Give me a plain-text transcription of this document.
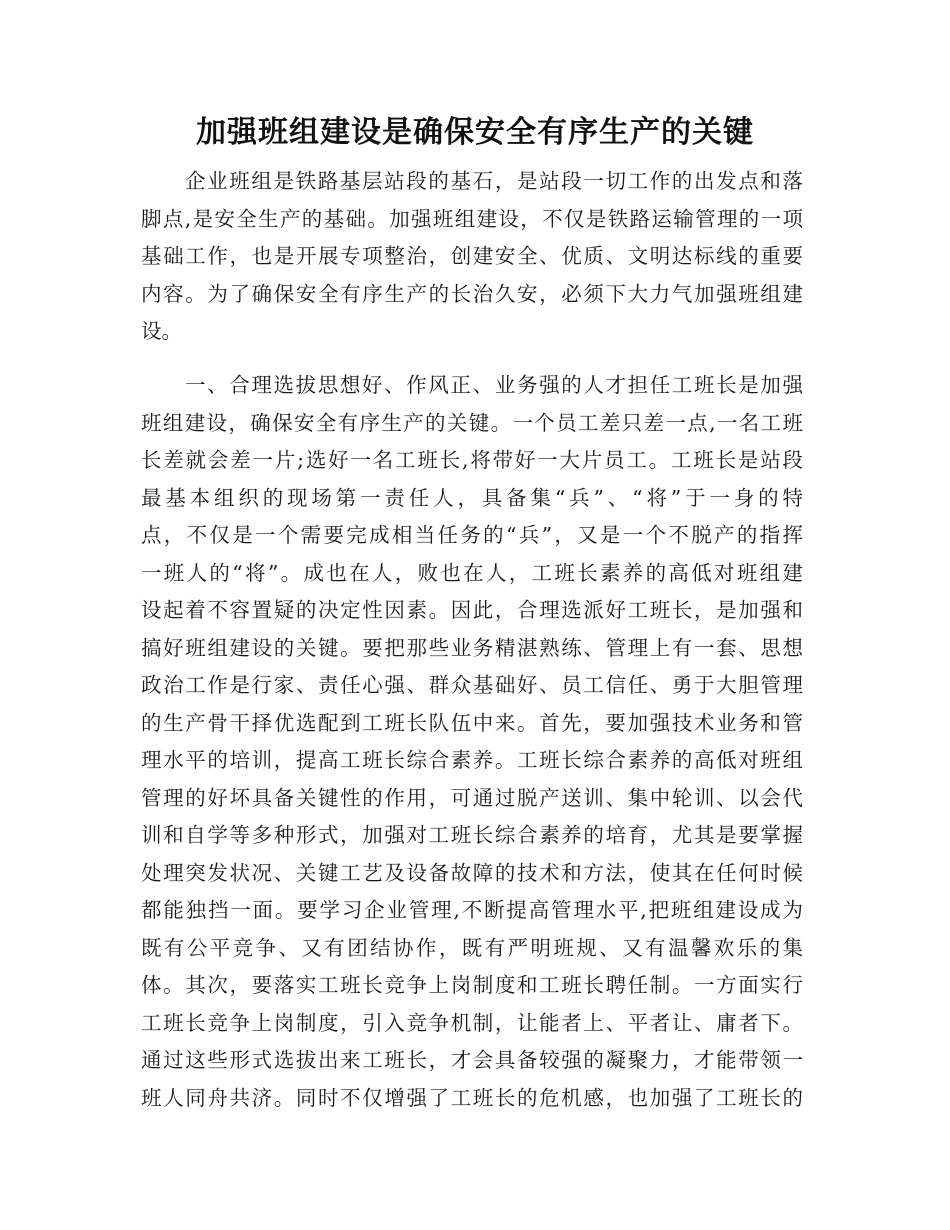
加强班组建设是确保安全有序生产的关键
企业班组是铁路基层站段的基石，是站段一切工作的出发点和落
脚点,是安全生产的基础。加强班组建设，不仅是铁路运输管理的一项
基础工作，也是开展专项整治，创建安全、优质、文明达标线的重要
内容。为了确保安全有序生产的长治久安，必须下大力气加强班组建
设。
一、合理选拔思想好、作风正、业务强的人才担任工班长是加强
班组建设，确保安全有序生产的关键。一个员工差只差一点,一名工班
长差就会差一片;选好一名工班长,将带好一大片员工。工班长是站段
最基本组织的现场第一责任人，具备集“兵”、“将”于一身的特
点，不仅是一个需要完成相当任务的“兵”，又是一个不脱产的指挥
一班人的“将”。成也在人，败也在人，工班长素养的高低对班组建
设起着不容置疑的决定性因素。因此，合理选派好工班长，是加强和
搞好班组建设的关键。要把那些业务精湛熟练、管理上有一套、思想
政治工作是行家、责任心强、群众基础好、员工信任、勇于大胆管理
的生产骨干择优选配到工班长队伍中来。首先，要加强技术业务和管
理水平的培训，提高工班长综合素养。工班长综合素养的高低对班组
管理的好坏具备关键性的作用，可通过脱产送训、集中轮训、以会代
训和自学等多种形式，加强对工班长综合素养的培育，尤其是要掌握
处理突发状况、关键工艺及设备故障的技术和方法，使其在任何时候
都能独挡一面。要学习企业管理,不断提高管理水平,把班组建设成为
既有公平竞争、又有团结协作，既有严明班规、又有温馨欢乐的集
体。其次，要落实工班长竞争上岗制度和工班长聘任制。一方面实行
工班长竞争上岗制度，引入竞争机制，让能者上、平者让、庸者下。
通过这些形式选拔出来工班长，才会具备较强的凝聚力，才能带领一
班人同舟共济。同时不仅增强了工班长的危机感，也加强了工班长的
